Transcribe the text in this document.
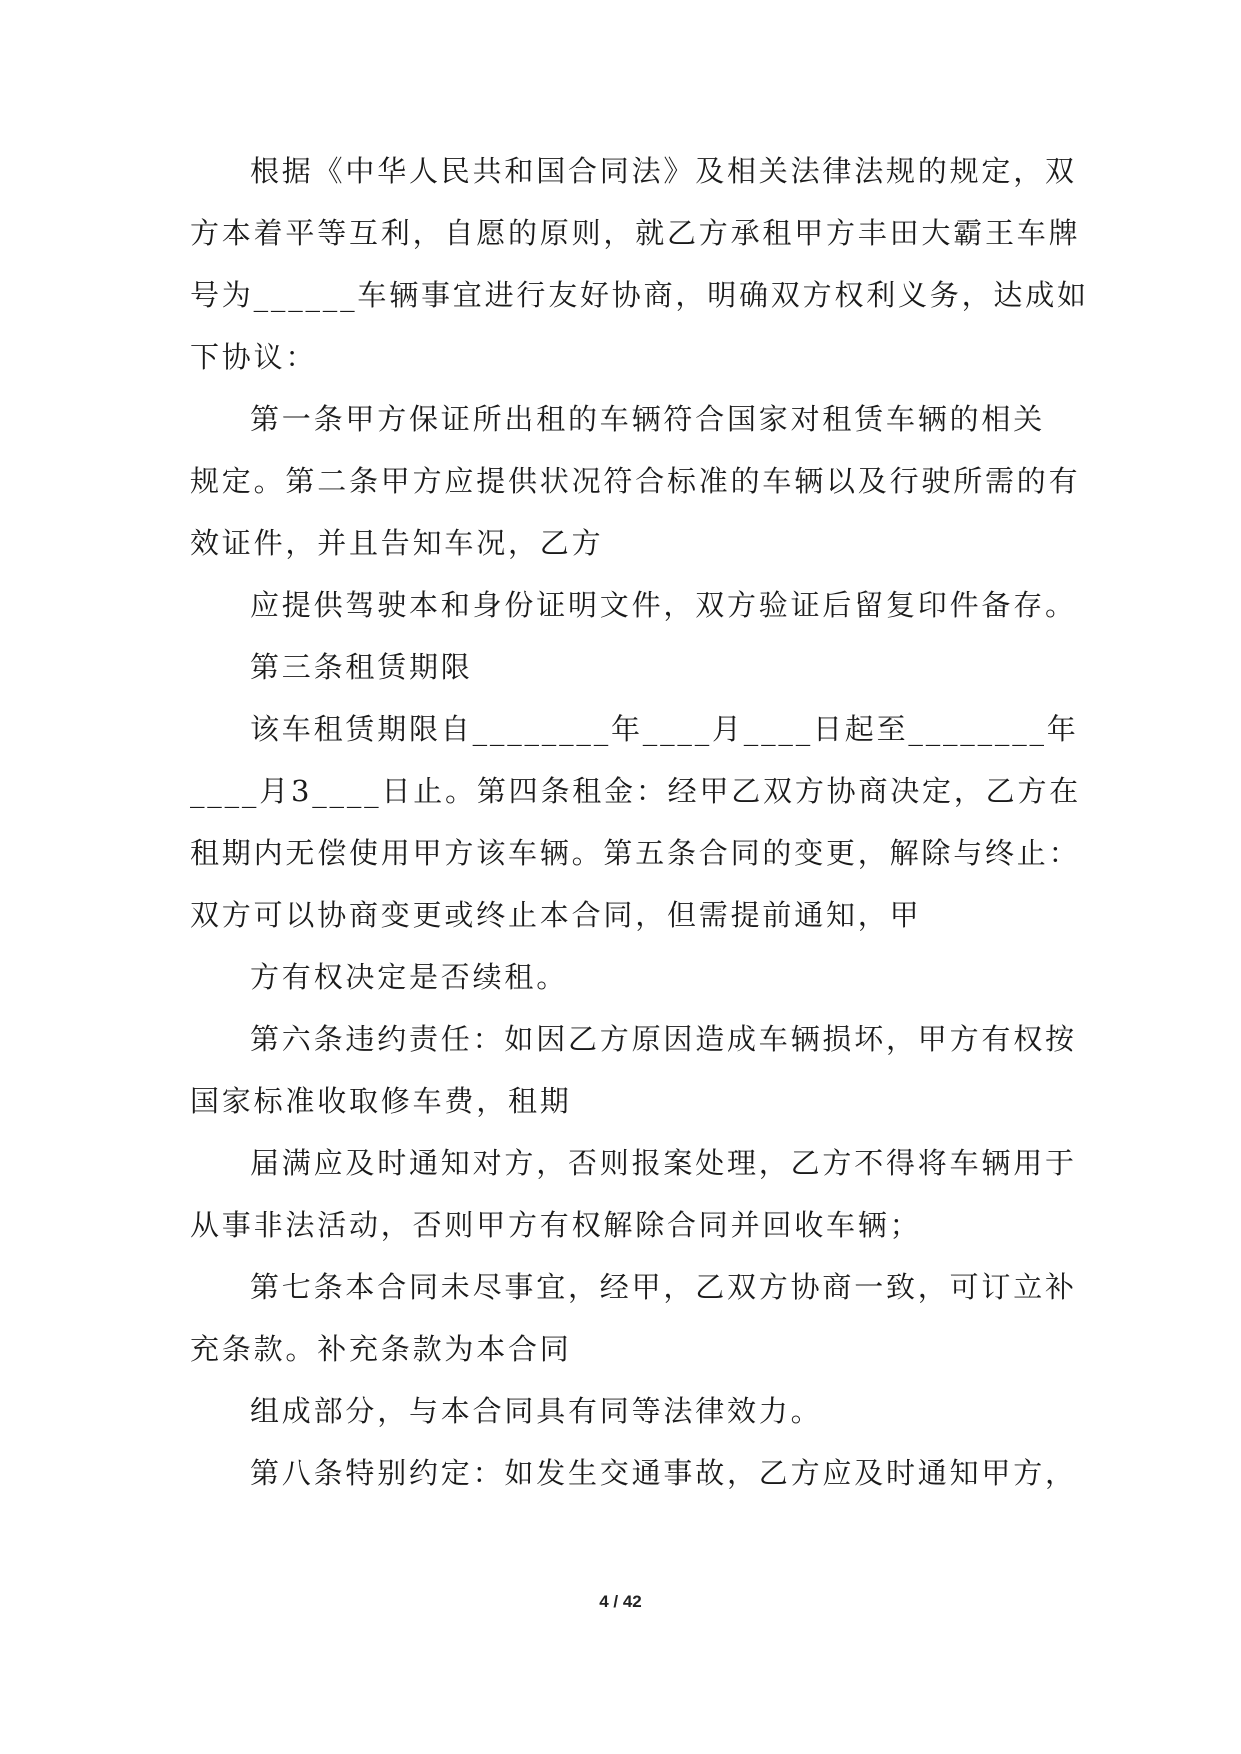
根据《中华人民共和国合同法》及相关法律法规的规定，双
方本着平等互利，自愿的原则，就乙方承租甲方丰田大霸王车牌
号为______车辆事宜进行友好协商，明确双方权利义务，达成如
下协议：
第一条甲方保证所出租的车辆符合国家对租赁车辆的相关
规定。第二条甲方应提供状况符合标准的车辆以及行驶所需的有
效证件，并且告知车况，乙方
应提供驾驶本和身份证明文件，双方验证后留复印件备存。
第三条租赁期限
该车租赁期限自________年____月____日起至________年
____月3____日止。第四条租金：经甲乙双方协商决定，乙方在
租期内无偿使用甲方该车辆。第五条合同的变更，解除与终止：
双方可以协商变更或终止本合同，但需提前通知，甲
方有权决定是否续租。
第六条违约责任：如因乙方原因造成车辆损坏，甲方有权按
国家标准收取修车费，租期
届满应及时通知对方，否则报案处理，乙方不得将车辆用于
从事非法活动，否则甲方有权解除合同并回收车辆；
第七条本合同未尽事宜，经甲，乙双方协商一致，可订立补
充条款。补充条款为本合同
组成部分，与本合同具有同等法律效力。
第八条特别约定：如发生交通事故，乙方应及时通知甲方，
4 / 42
